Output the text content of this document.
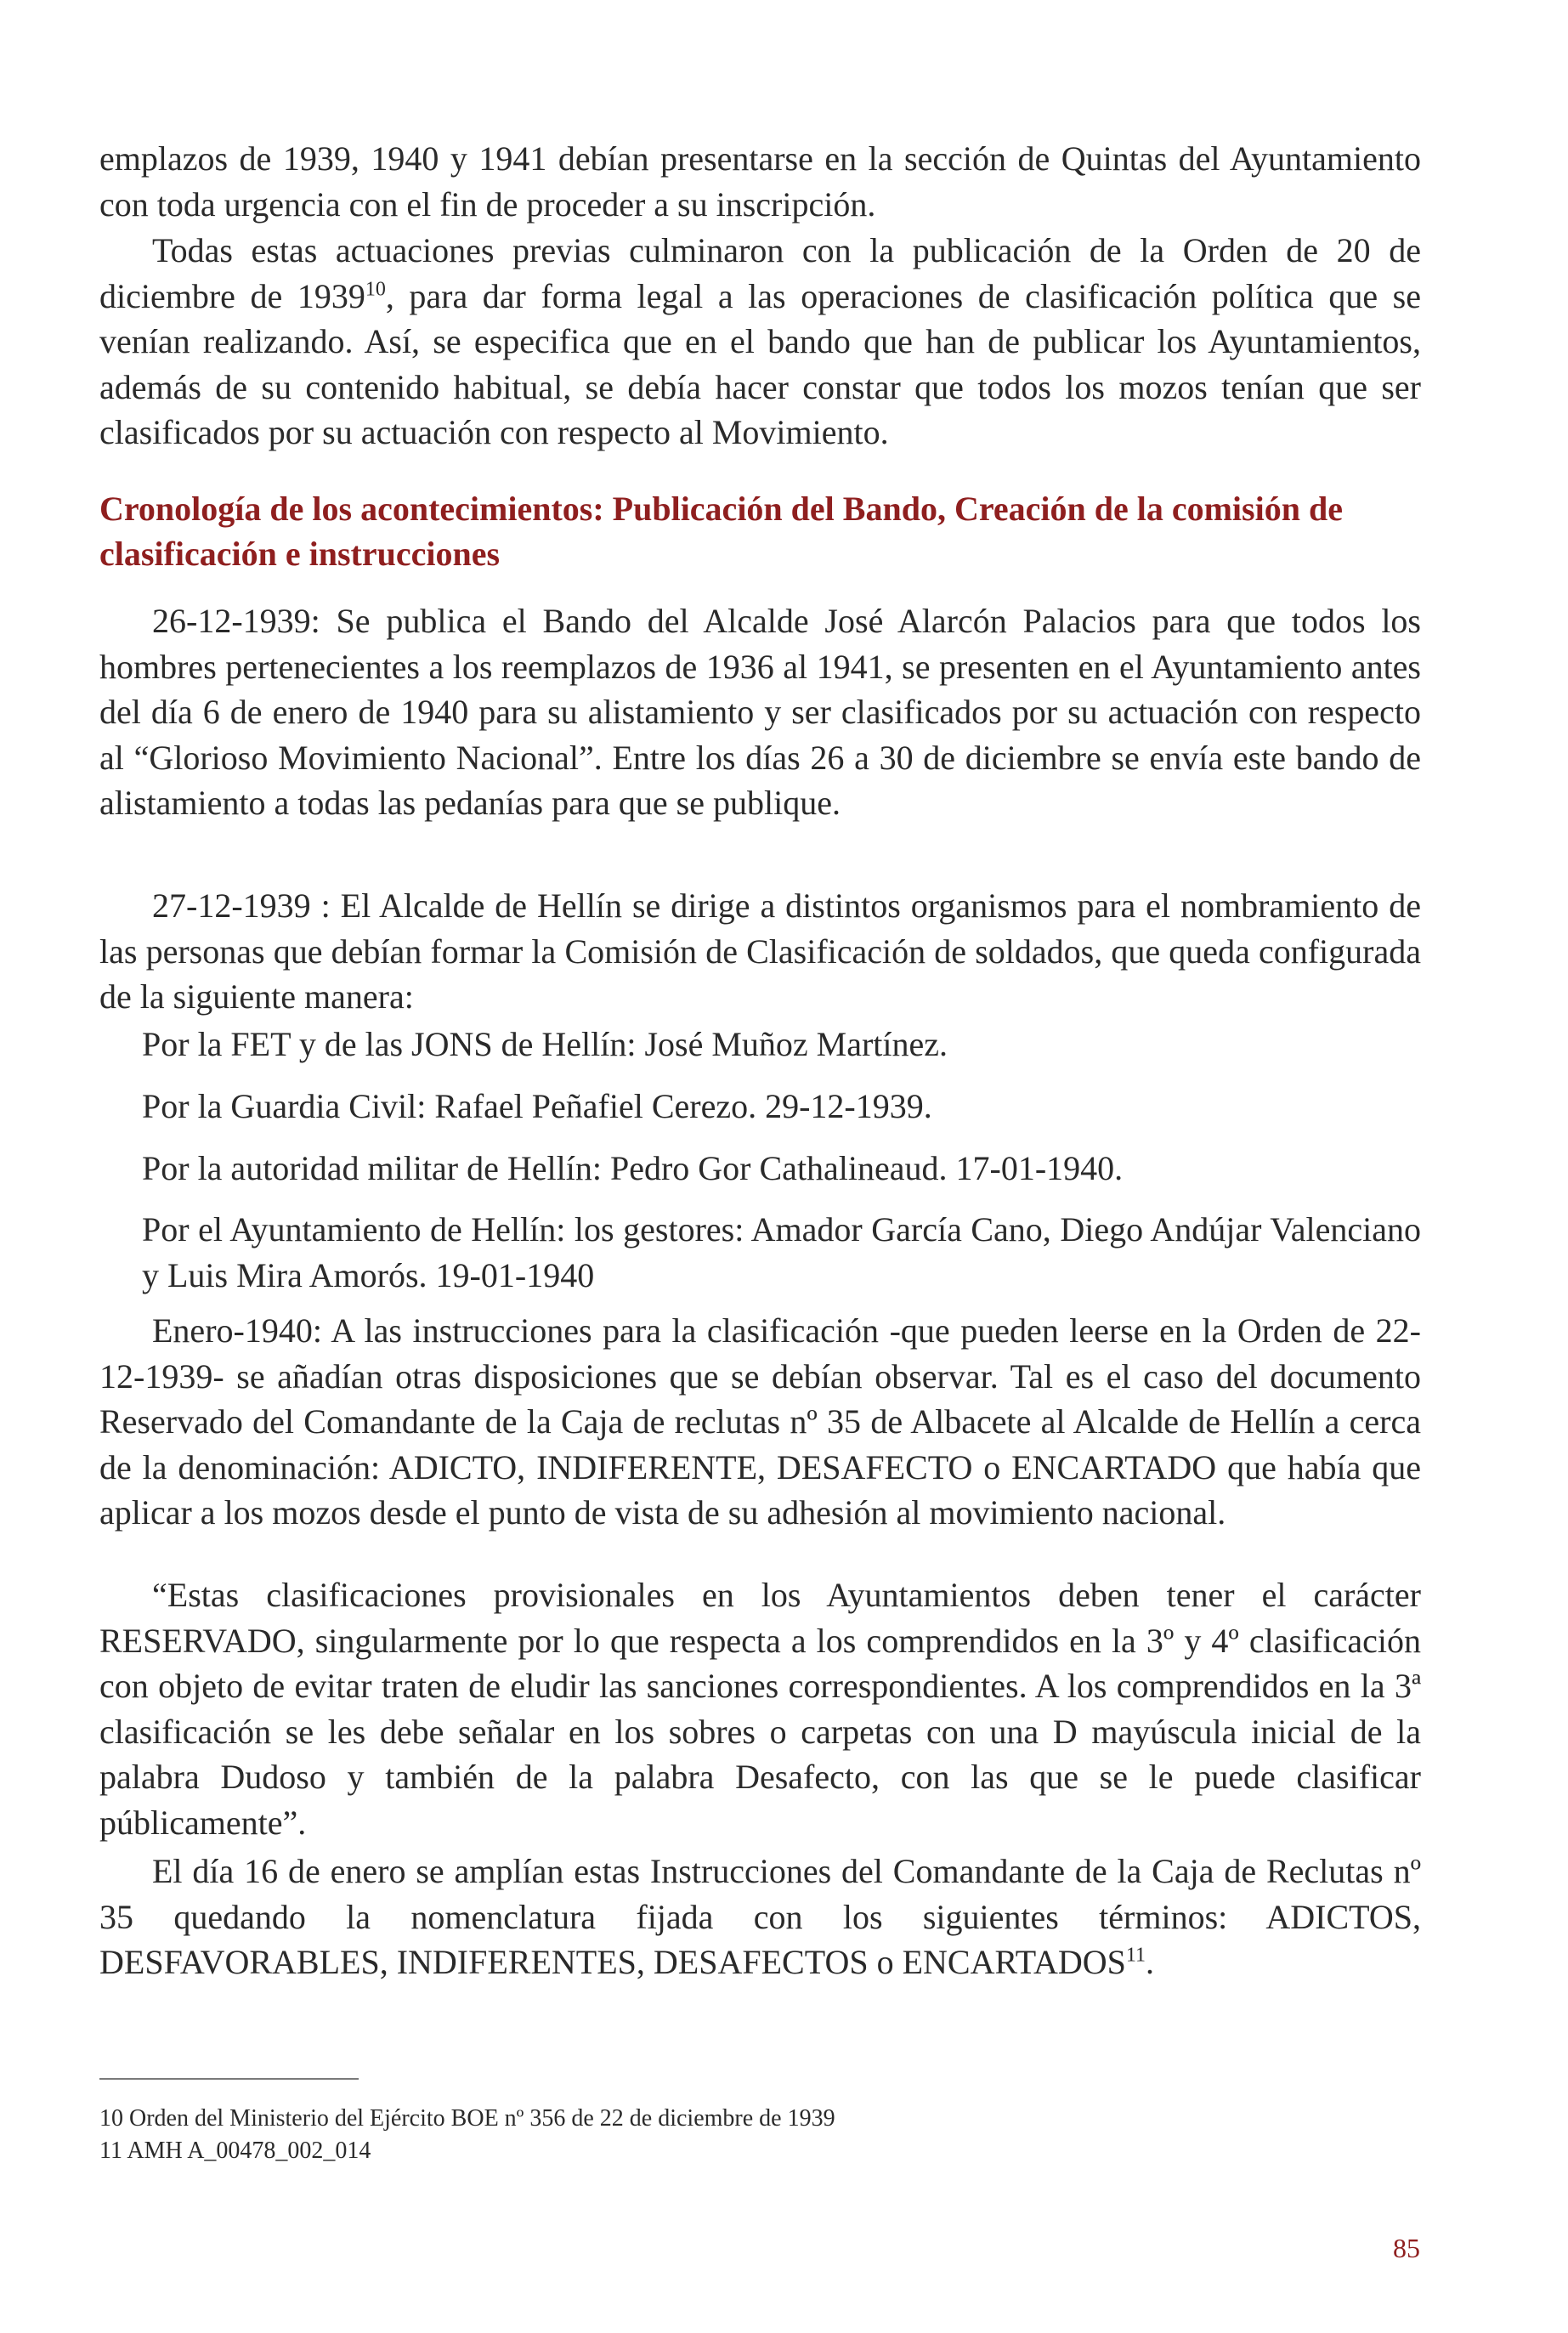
emplazos de 1939, 1940 y 1941 debían presentarse en la sección de Quintas del Ayuntamiento con toda urgencia con el fin de proceder a su inscripción.

Todas estas actuaciones previas culminaron con la publicación de la Orden de 20 de diciembre de 1939$^{10}$, para dar forma legal a las operaciones de clasificación política que se venían realizando. Así, se especifica que en el bando que han de publicar los Ayuntamientos, además de su contenido habitual, se debía hacer constar que todos los mozos tenían que ser clasificados por su actuación con respecto al Movimiento.

Cronología de los acontecimientos: Publicación del Bando, Creación de la comisión de clasificación e instrucciones

26-12-1939: Se publica el Bando del Alcalde José Alarcón Palacios para que todos los hombres pertenecientes a los reemplazos de 1936 al 1941, se presenten en el Ayuntamiento antes del día 6 de enero de 1940 para su alistamiento y ser clasificados por su actuación con respecto al “Glorioso Movimiento Nacional”. Entre los días 26 a 30 de diciembre se envía este bando de alistamiento a todas las pedanías para que se publique.

27-12-1939 : El Alcalde de Hellín se dirige a distintos organismos para el nombramiento de las personas que debían formar la Comisión de Clasificación de soldados, que queda configurada de la siguiente manera:

Por la FET y de las JONS de Hellín: José Muñoz Martínez.

Por la Guardia Civil: Rafael Peñafiel Cerezo. 29-12-1939.

Por la autoridad militar de Hellín: Pedro Gor Cathalineaud. 17-01-1940.

Por el Ayuntamiento de Hellín: los gestores: Amador García Cano, Diego Andújar Valenciano y Luis Mira Amorós. 19-01-1940

Enero-1940: A las instrucciones para la clasificación -que pueden leerse en la Orden de 22-12-1939- se añadían otras disposiciones que se debían observar. Tal es el caso del documento Reservado del Comandante de la Caja de reclutas nº 35 de Albacete al Alcalde de Hellín a cerca de la denominación: ADICTO, INDIFERENTE, DESAFECTO o ENCARTADO que había que aplicar a los mozos desde el punto de vista de su adhesión al movimiento nacional.

“Estas clasificaciones provisionales en los Ayuntamientos deben tener el carácter RESERVADO, singularmente por lo que respecta a los comprendidos en la 3º y 4º clasificación con objeto de evitar traten de eludir las sanciones correspondientes. A los comprendidos en la 3ª clasificación se les debe señalar en los sobres o carpetas con una D mayúscula inicial de la palabra Dudoso y también de la palabra Desafecto, con las que se le puede clasificar públicamente”.

El día 16 de enero se amplían estas Instrucciones del Comandante de la Caja de Reclutas nº 35 quedando la nomenclatura fijada con los siguientes términos: ADICTOS, DESFAVORABLES, INDIFERENTES, DESAFECTOS o ENCARTADOS$^{11}$.

10 Orden del Ministerio del Ejército BOE nº 356 de 22 de diciembre de 1939

11 AMH A_00478_002_014

85
